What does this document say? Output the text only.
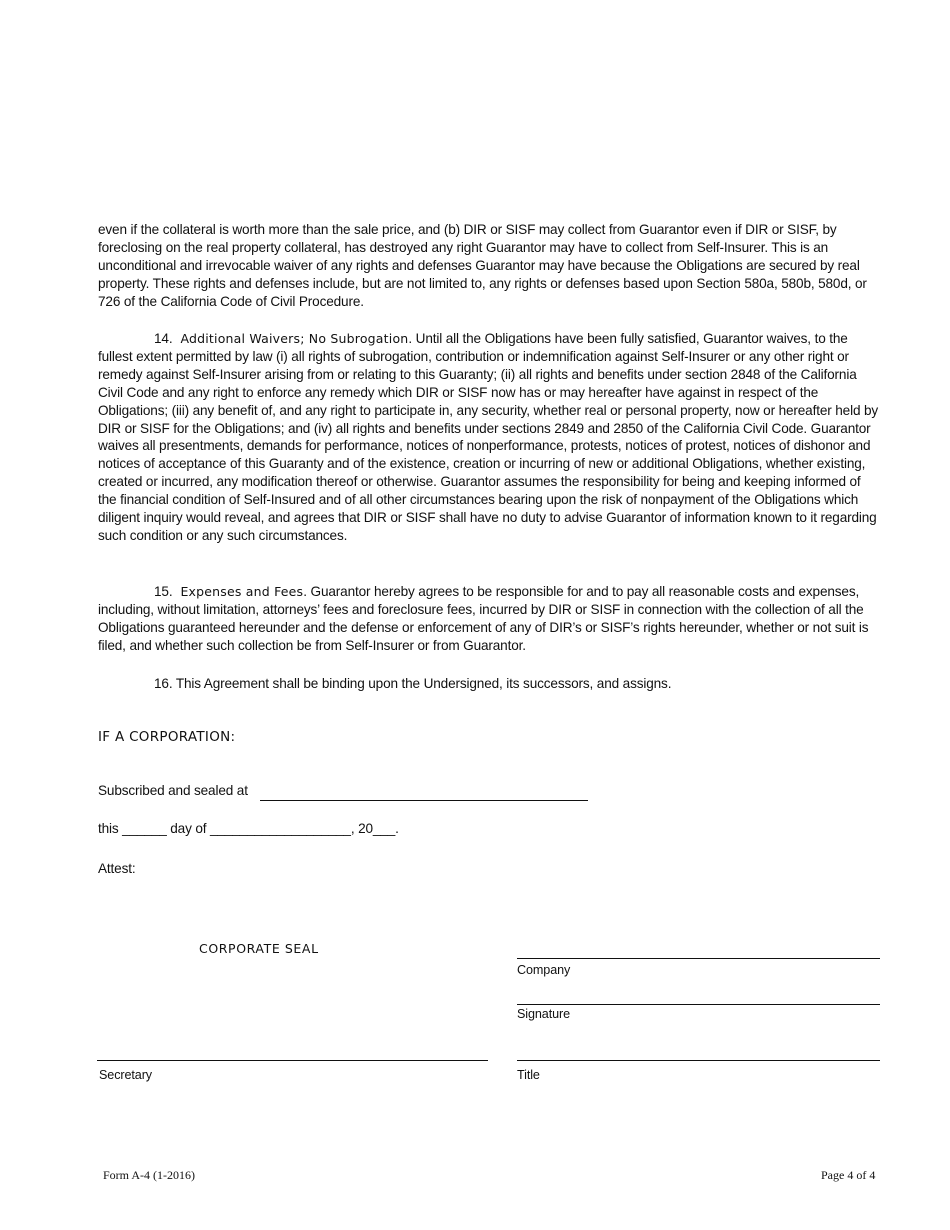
even if the collateral is worth more than the sale price, and (b) DIR or SISF may collect from Guarantor even if DIR or SISF, by foreclosing on the real property collateral, has destroyed any right Guarantor may have to collect from Self-Insurer. This is an unconditional and irrevocable waiver of any rights and defenses Guarantor may have because the Obligations are secured by real property. These rights and defenses include, but are not limited to, any rights or defenses based upon Section 580a, 580b, 580d, or 726 of the California Code of Civil Procedure.

14. Additional Waivers; No Subrogation. Until all the Obligations have been fully satisfied, Guarantor waives, to the fullest extent permitted by law (i) all rights of subrogation, contribution or indemnification against Self-Insurer or any other right or remedy against Self-Insurer arising from or relating to this Guaranty; (ii) all rights and benefits under section 2848 of the California Civil Code and any right to enforce any remedy which DIR or SISF now has or may hereafter have against in respect of the Obligations; (iii) any benefit of, and any right to participate in, any security, whether real or personal property, now or hereafter held by DIR or SISF for the Obligations; and (iv) all rights and benefits under sections 2849 and 2850 of the California Civil Code. Guarantor waives all presentments, demands for performance, notices of nonperformance, protests, notices of protest, notices of dishonor and notices of acceptance of this Guaranty and of the existence, creation or incurring of new or additional Obligations, whether existing, created or incurred, any modification thereof or otherwise. Guarantor assumes the responsibility for being and keeping informed of the financial condition of Self-Insured and of all other circumstances bearing upon the risk of nonpayment of the Obligations which diligent inquiry would reveal, and agrees that DIR or SISF shall have no duty to advise Guarantor of information known to it regarding such condition or any such circumstances.

15. Expenses and Fees. Guarantor hereby agrees to be responsible for and to pay all reasonable costs and expenses, including, without limitation, attorneys’ fees and foreclosure fees, incurred by DIR or SISF in connection with the collection of all the Obligations guaranteed hereunder and the defense or enforcement of any of DIR’s or SISF’s rights hereunder, whether or not suit is filed, and whether such collection be from Self-Insurer or from Guarantor.

16. This Agreement shall be binding upon the Undersigned, its successors, and assigns.

IF A CORPORATION:
Subscribed and sealed at
this ______ day of ___________________, 20___.
Attest:
CORPORATE SEAL
Company
Signature
Secretary	Title
Form A-4 (1-2016)	Page 4 of 4
